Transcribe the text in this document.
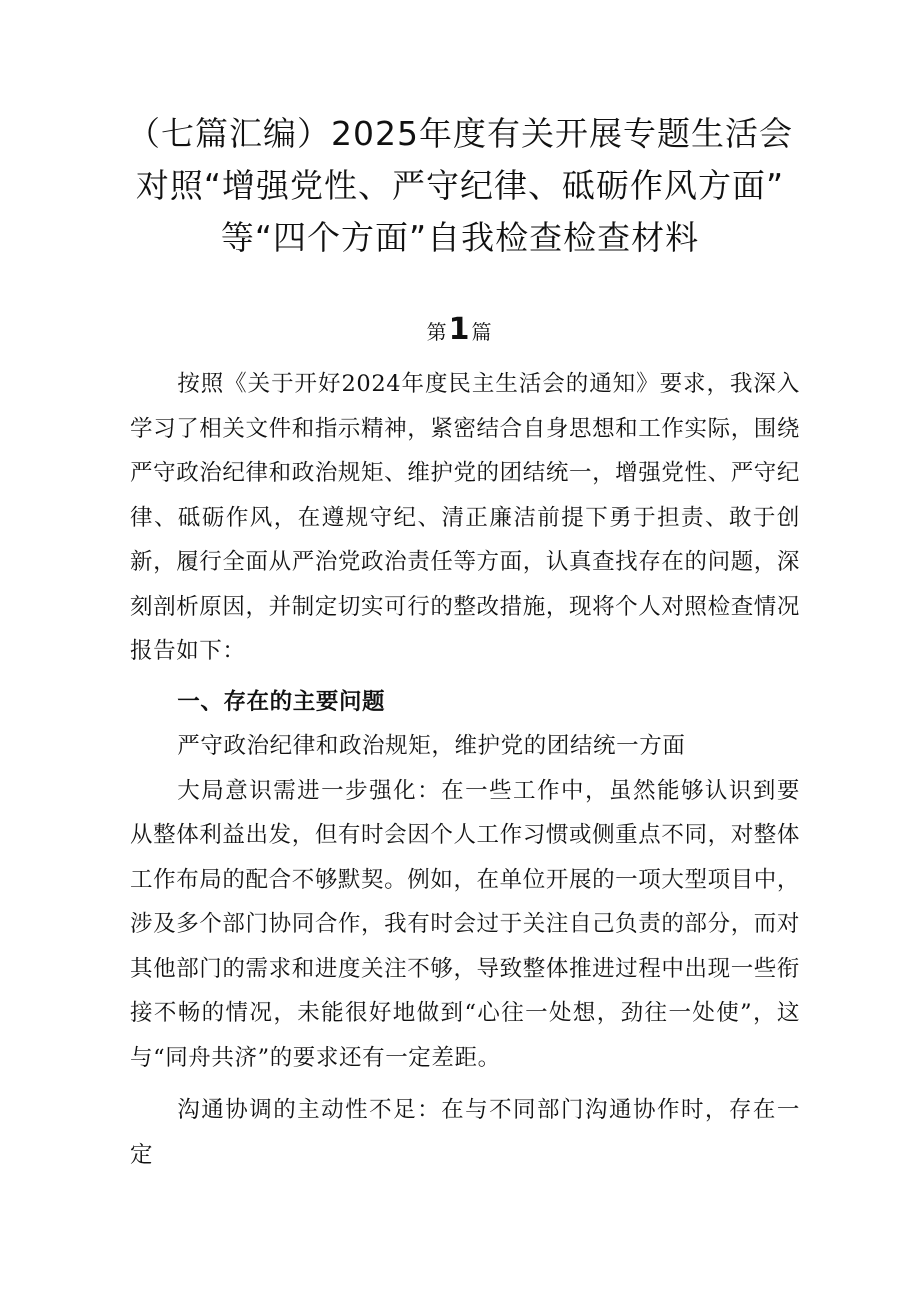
（七篇汇编）2025年度有关开展专题生活会
对照“增强党性、严守纪律、砥砺作风方面”
等“四个方面”自我检查检查材料
第1篇

按照《关于开好2024年度民主生活会的通知》要求，我深入学习了相关文件和指示精神，紧密结合自身思想和工作实际，围绕严守政治纪律和政治规矩、维护党的团结统一，增强党性、严守纪律、砥砺作风，在遵规守纪、清正廉洁前提下勇于担责、敢于创新，履行全面从严治党政治责任等方面，认真查找存在的问题，深刻剖析原因，并制定切实可行的整改措施，现将个人对照检查情况报告如下：

一、存在的主要问题

严守政治纪律和政治规矩，维护党的团结统一方面

大局意识需进一步强化：在一些工作中，虽然能够认识到要从整体利益出发，但有时会因个人工作习惯或侧重点不同，对整体工作布局的配合不够默契。例如，在单位开展的一项大型项目中，涉及多个部门协同合作，我有时会过于关注自己负责的部分，而对其他部门的需求和进度关注不够，导致整体推进过程中出现一些衔接不畅的情况，未能很好地做到“心往一处想，劲往一处使”，这与“同舟共济”的要求还有一定差距。

沟通协调的主动性不足：在与不同部门沟通协作时，存在一定
